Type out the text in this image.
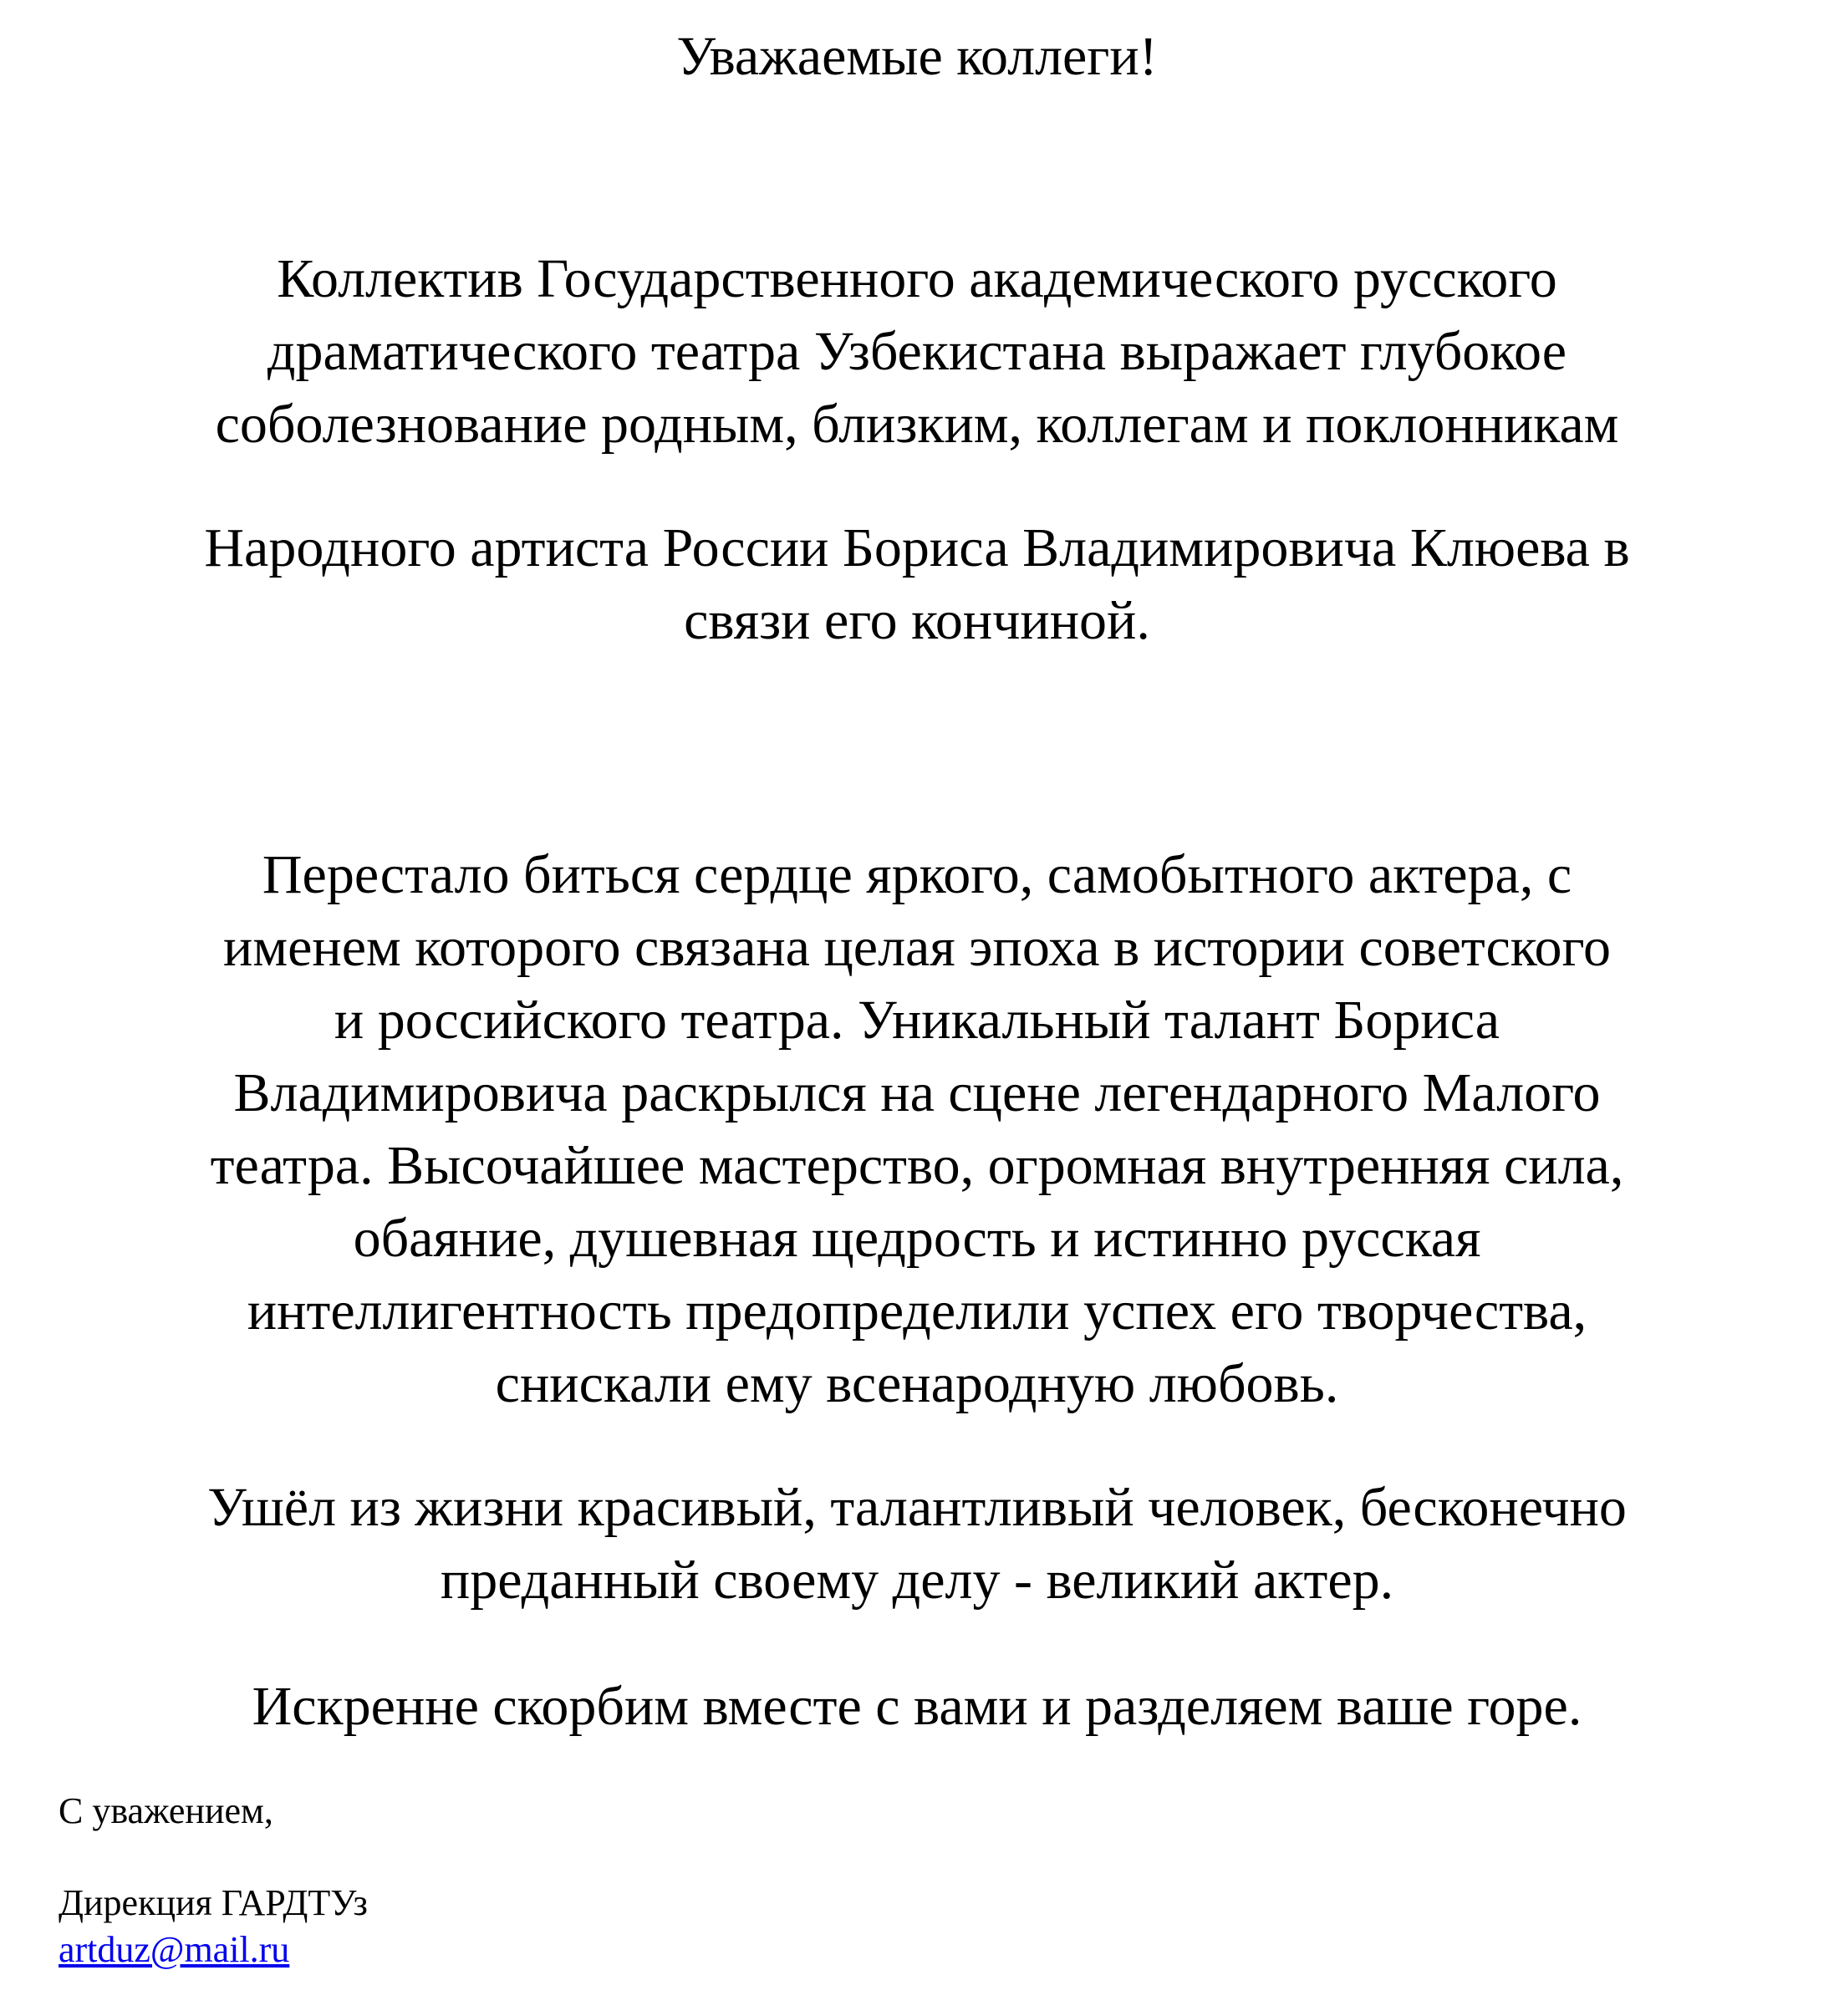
Уважаемые коллеги!

Коллектив Государственного академического русского
драматического театра Узбекистана выражает глубокое
соболезнование родным, близким, коллегам и поклонникам

Народного артиста России Бориса Владимировича Клюева в
связи его кончиной.

Перестало биться сердце яркого, самобытного актера, с
именем которого связана целая эпоха в истории советского
и российского театра. Уникальный талант Бориса
Владимировича раскрылся на сцене легендарного Малого
театра. Высочайшее мастерство, огромная внутренняя сила,
обаяние, душевная щедрость и истинно русская
интеллигентность предопределили успех его творчества,
снискали ему всенародную любовь.

Ушёл из жизни красивый, талантливый человек, бесконечно
преданный своему делу - великий актер.

Искренне скорбим вместе с вами и разделяем ваше горе.

С уважением,

Дирекция ГАРДТУз

artduz@mail.ru
